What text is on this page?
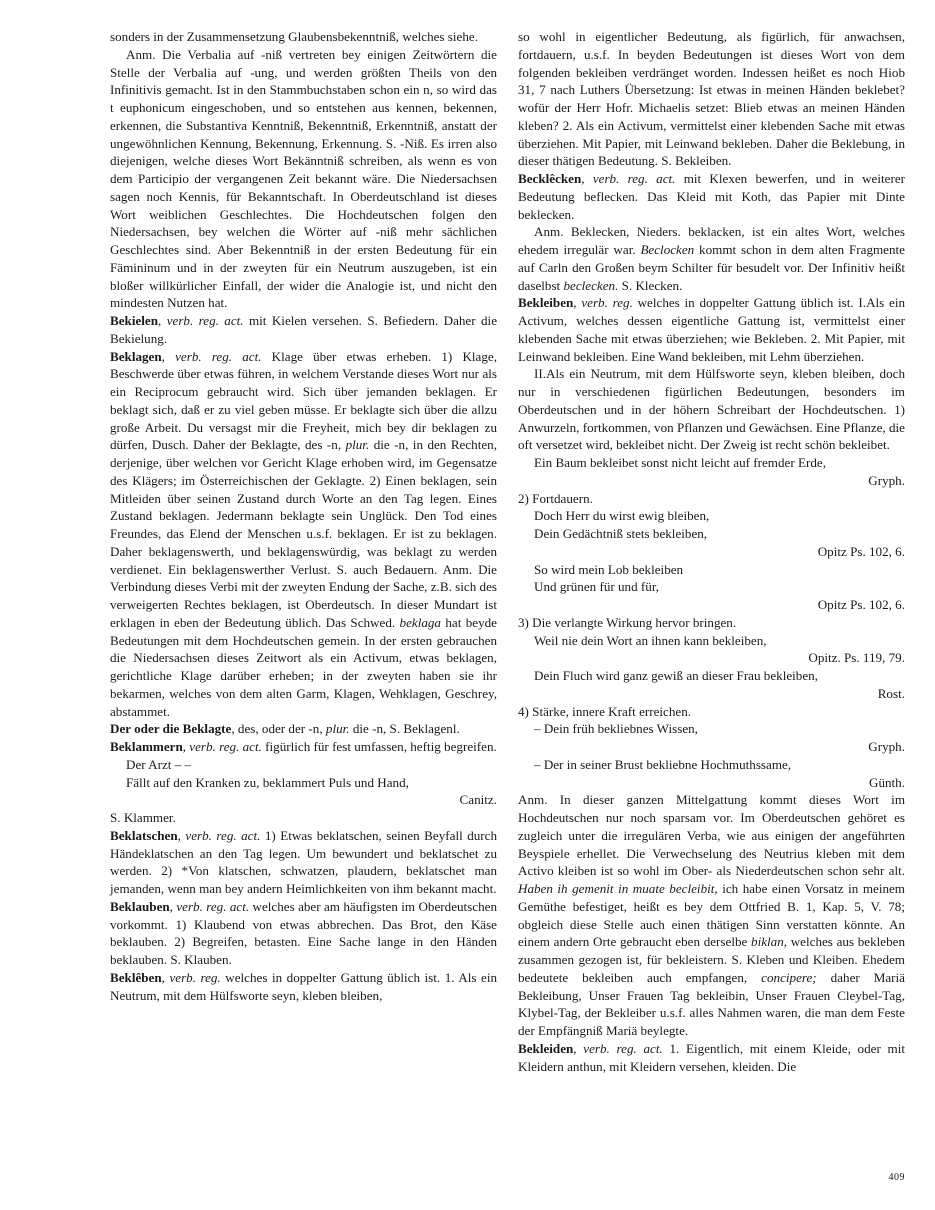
sonders in der Zusammensetzung Glaubensbekenntniß, welches siehe.

Anm. Die Verbalia auf -niß vertreten bey einigen Zeitwörtern die Stelle der Verbalia auf -ung, und werden größten Theils von den Infinitivis gemacht. Ist in den Stammbuchstaben schon ein n, so wird das t euphonicum eingeschoben, und so entstehen aus kennen, bekennen, erkennen, die Substantiva Kenntniß, Bekenntniß, Erkenntniß, anstatt der ungewöhnlichen Kennung, Bekennung, Erkennung. S. -Niß. Es irren also diejenigen, welche dieses Wort Bekänntniß schreiben, als wenn es von dem Participio der vergangenen Zeit bekannt wäre. Die Niedersachsen sagen noch Kennis, für Bekanntschaft. In Oberdeutschland ist dieses Wort weiblichen Geschlechtes. Die Hochdeutschen folgen den Niedersachsen, bey welchen die Wörter auf -niß mehr sächlichen Geschlechtes sind. Aber Bekenntniß in der ersten Bedeutung für ein Fämininum und in der zweyten für ein Neutrum auszugeben, ist ein bloßer willkürlicher Einfall, der wider die Analogie ist, und nicht den mindesten Nutzen hat.

Bekielen, verb. reg. act. mit Kielen versehen. S. Befiedern. Daher die Bekielung.

Beklagen, verb. reg. act. Klage über etwas erheben. 1) Klage, Beschwerde über etwas führen, in welchem Verstande dieses Wort nur als ein Reciprocum gebraucht wird. Sich über jemanden beklagen. Er beklagt sich, daß er zu viel geben müsse. Er beklagte sich über die allzu große Arbeit. Du versagst mir die Freyheit, mich bey dir beklagen zu dürfen, Dusch. Daher der Beklagte, des -n, plur. die -n, in den Rechten, derjenige, über welchen vor Gericht Klage erhoben wird, im Gegensatze des Klägers; im Österreichischen der Geklagte. 2) Einen beklagen, sein Mitleiden über seinen Zustand durch Worte an den Tag legen. Eines Zustand beklagen. Jedermann beklagte sein Unglück. Den Tod eines Freundes, das Elend der Menschen u.s.f. beklagen. Er ist zu beklagen. Daher beklagenswerth, und beklagenswürdig, was beklagt zu werden verdienet. Ein beklagenswerther Verlust. S. auch Bedauern. Anm. Die Verbindung dieses Verbi mit der zweyten Endung der Sache, z.B. sich des verweigerten Rechtes beklagen, ist Oberdeutsch. In dieser Mundart ist erklagen in eben der Bedeutung üblich. Das Schwed. beklaga hat beyde Bedeutungen mit dem Hochdeutschen gemein. In der ersten gebrauchen die Niedersachsen dieses Zeitwort als ein Activum, etwas beklagen, gerichtliche Klage darüber erheben; in der zweyten haben sie ihr bekarmen, welches von dem alten Garm, Klagen, Wehklagen, Geschrey, abstammet.

Der oder die Beklagte, des, oder der -n, plur. die -n, S. Beklagenl.

Beklammern, verb. reg. act. figürlich für fest umfassen, heftig begreifen.

Der Arzt – –
Fällt auf den Kranken zu, beklammert Puls und Hand,
Canitz.

S. Klammer.

Beklatschen, verb. reg. act. 1) Etwas beklatschen, seinen Beyfall durch Händeklatschen an den Tag legen. Um bewundert und beklatschet zu werden. 2) *Von klatschen, schwatzen, plaudern, beklatschet man jemanden, wenn man bey andern Heimlichkeiten von ihm bekannt macht.

Beklauben, verb. reg. act. welches aber am häufigsten im Oberdeutschen vorkommt. 1) Klaubend von etwas abbrechen. Das Brot, den Käse beklauben. 2) Begreifen, betasten. Eine Sache lange in den Händen beklauben. S. Klauben.

Beklêben, verb. reg. welches in doppelter Gattung üblich ist. 1. Als ein Neutrum, mit dem Hülfsworte seyn, kleben bleiben,

so wohl in eigentlicher Bedeutung, als figürlich, für anwachsen, fortdauern, u.s.f. In beyden Bedeutungen ist dieses Wort von dem folgenden bekleiben verdränget worden. Indessen heißet es noch Hiob 31, 7 nach Luthers Übersetzung: Ist etwas in meinen Händen beklebet? wofür der Herr Hofr. Michaelis setzet: Blieb etwas an meinen Händen kleben? 2. Als ein Activum, vermittelst einer klebenden Sache mit etwas überziehen. Mit Papier, mit Leinwand bekleben. Daher die Beklebung, in dieser thätigen Bedeutung. S. Bekleiben.

Becklêcken, verb. reg. act. mit Klexen bewerfen, und in weiterer Bedeutung beflecken. Das Kleid mit Koth, das Papier mit Dinte beklecken.

Anm. Beklecken, Nieders. beklacken, ist ein altes Wort, welches ehedem irregulär war. Beclocken kommt schon in dem alten Fragmente auf Carln den Großen beym Schilter für besudelt vor. Der Infinitiv heißt daselbst beclecken. S. Klecken.

Bekleiben, verb. reg. welches in doppelter Gattung üblich ist. I.Als ein Activum, welches dessen eigentliche Gattung ist, vermittelst einer klebenden Sache mit etwas überziehen; wie Bekleben. 2. Mit Papier, mit Leinwand bekleiben. Eine Wand bekleiben, mit Lehm überziehen.

II.Als ein Neutrum, mit dem Hülfsworte seyn, kleben bleiben, doch nur in verschiedenen figürlichen Bedeutungen, besonders im Oberdeutschen und in der höhern Schreibart der Hochdeutschen. 1) Anwurzeln, fortkommen, von Pflanzen und Gewächsen. Eine Pflanze, die oft versetzet wird, bekleibet nicht. Der Zweig ist recht schön bekleibet.

Ein Baum bekleibet sonst nicht leicht auf fremder Erde,
Gryph.

2) Fortdauern.

Doch Herr du wirst ewig bleiben,
Dein Gedächtniß stets bekleiben,
Opitz Ps. 102, 6.
So wird mein Lob bekleiben
Und grünen für und für,
Opitz Ps. 102, 6.

3) Die verlangte Wirkung hervor bringen.

Weil nie dein Wort an ihnen kann bekleiben,
Opitz. Ps. 119, 79.
Dein Fluch wird ganz gewiß an dieser Frau bekleiben,
Rost.

4) Stärke, innere Kraft erreichen.

– Dein früh bekliebnes Wissen,
Gryph.
– Der in seiner Brust bekliebne Hochmuthssame,
Günth.

Anm. In dieser ganzen Mittelgattung kommt dieses Wort im Hochdeutschen nur noch sparsam vor. Im Oberdeutschen gehöret es zugleich unter die irregulären Verba, wie aus einigen der angeführten Beyspiele erhellet. Die Verwechselung des Neutrius kleben mit dem Activo kleiben ist so wohl im Ober- als Niederdeutschen schon sehr alt. Haben ih gemenit in muate becleibit, ich habe einen Vorsatz in meinem Gemüthe befestiget, heißt es bey dem Ottfried B. 1, Kap. 5, V. 78; obgleich diese Stelle auch einen thätigen Sinn verstatten könnte. An einem andern Orte gebraucht eben derselbe biklan, welches aus bekleben zusammen gezogen ist, für bekleistern. S. Kleben und Kleiben. Ehedem bedeutete bekleiben auch empfangen, concipere; daher Mariä Bekleibung, Unser Frauen Tag bekleibin, Unser Frauen Cleybel-Tag, Klybel-Tag, der Bekleiber u.s.f. alles Nahmen waren, die man dem Feste der Empfängniß Mariä beylegte.

Bekleiden, verb. reg. act. 1. Eigentlich, mit einem Kleide, oder mit Kleidern anthun, mit Kleidern versehen, kleiden. Die

409
